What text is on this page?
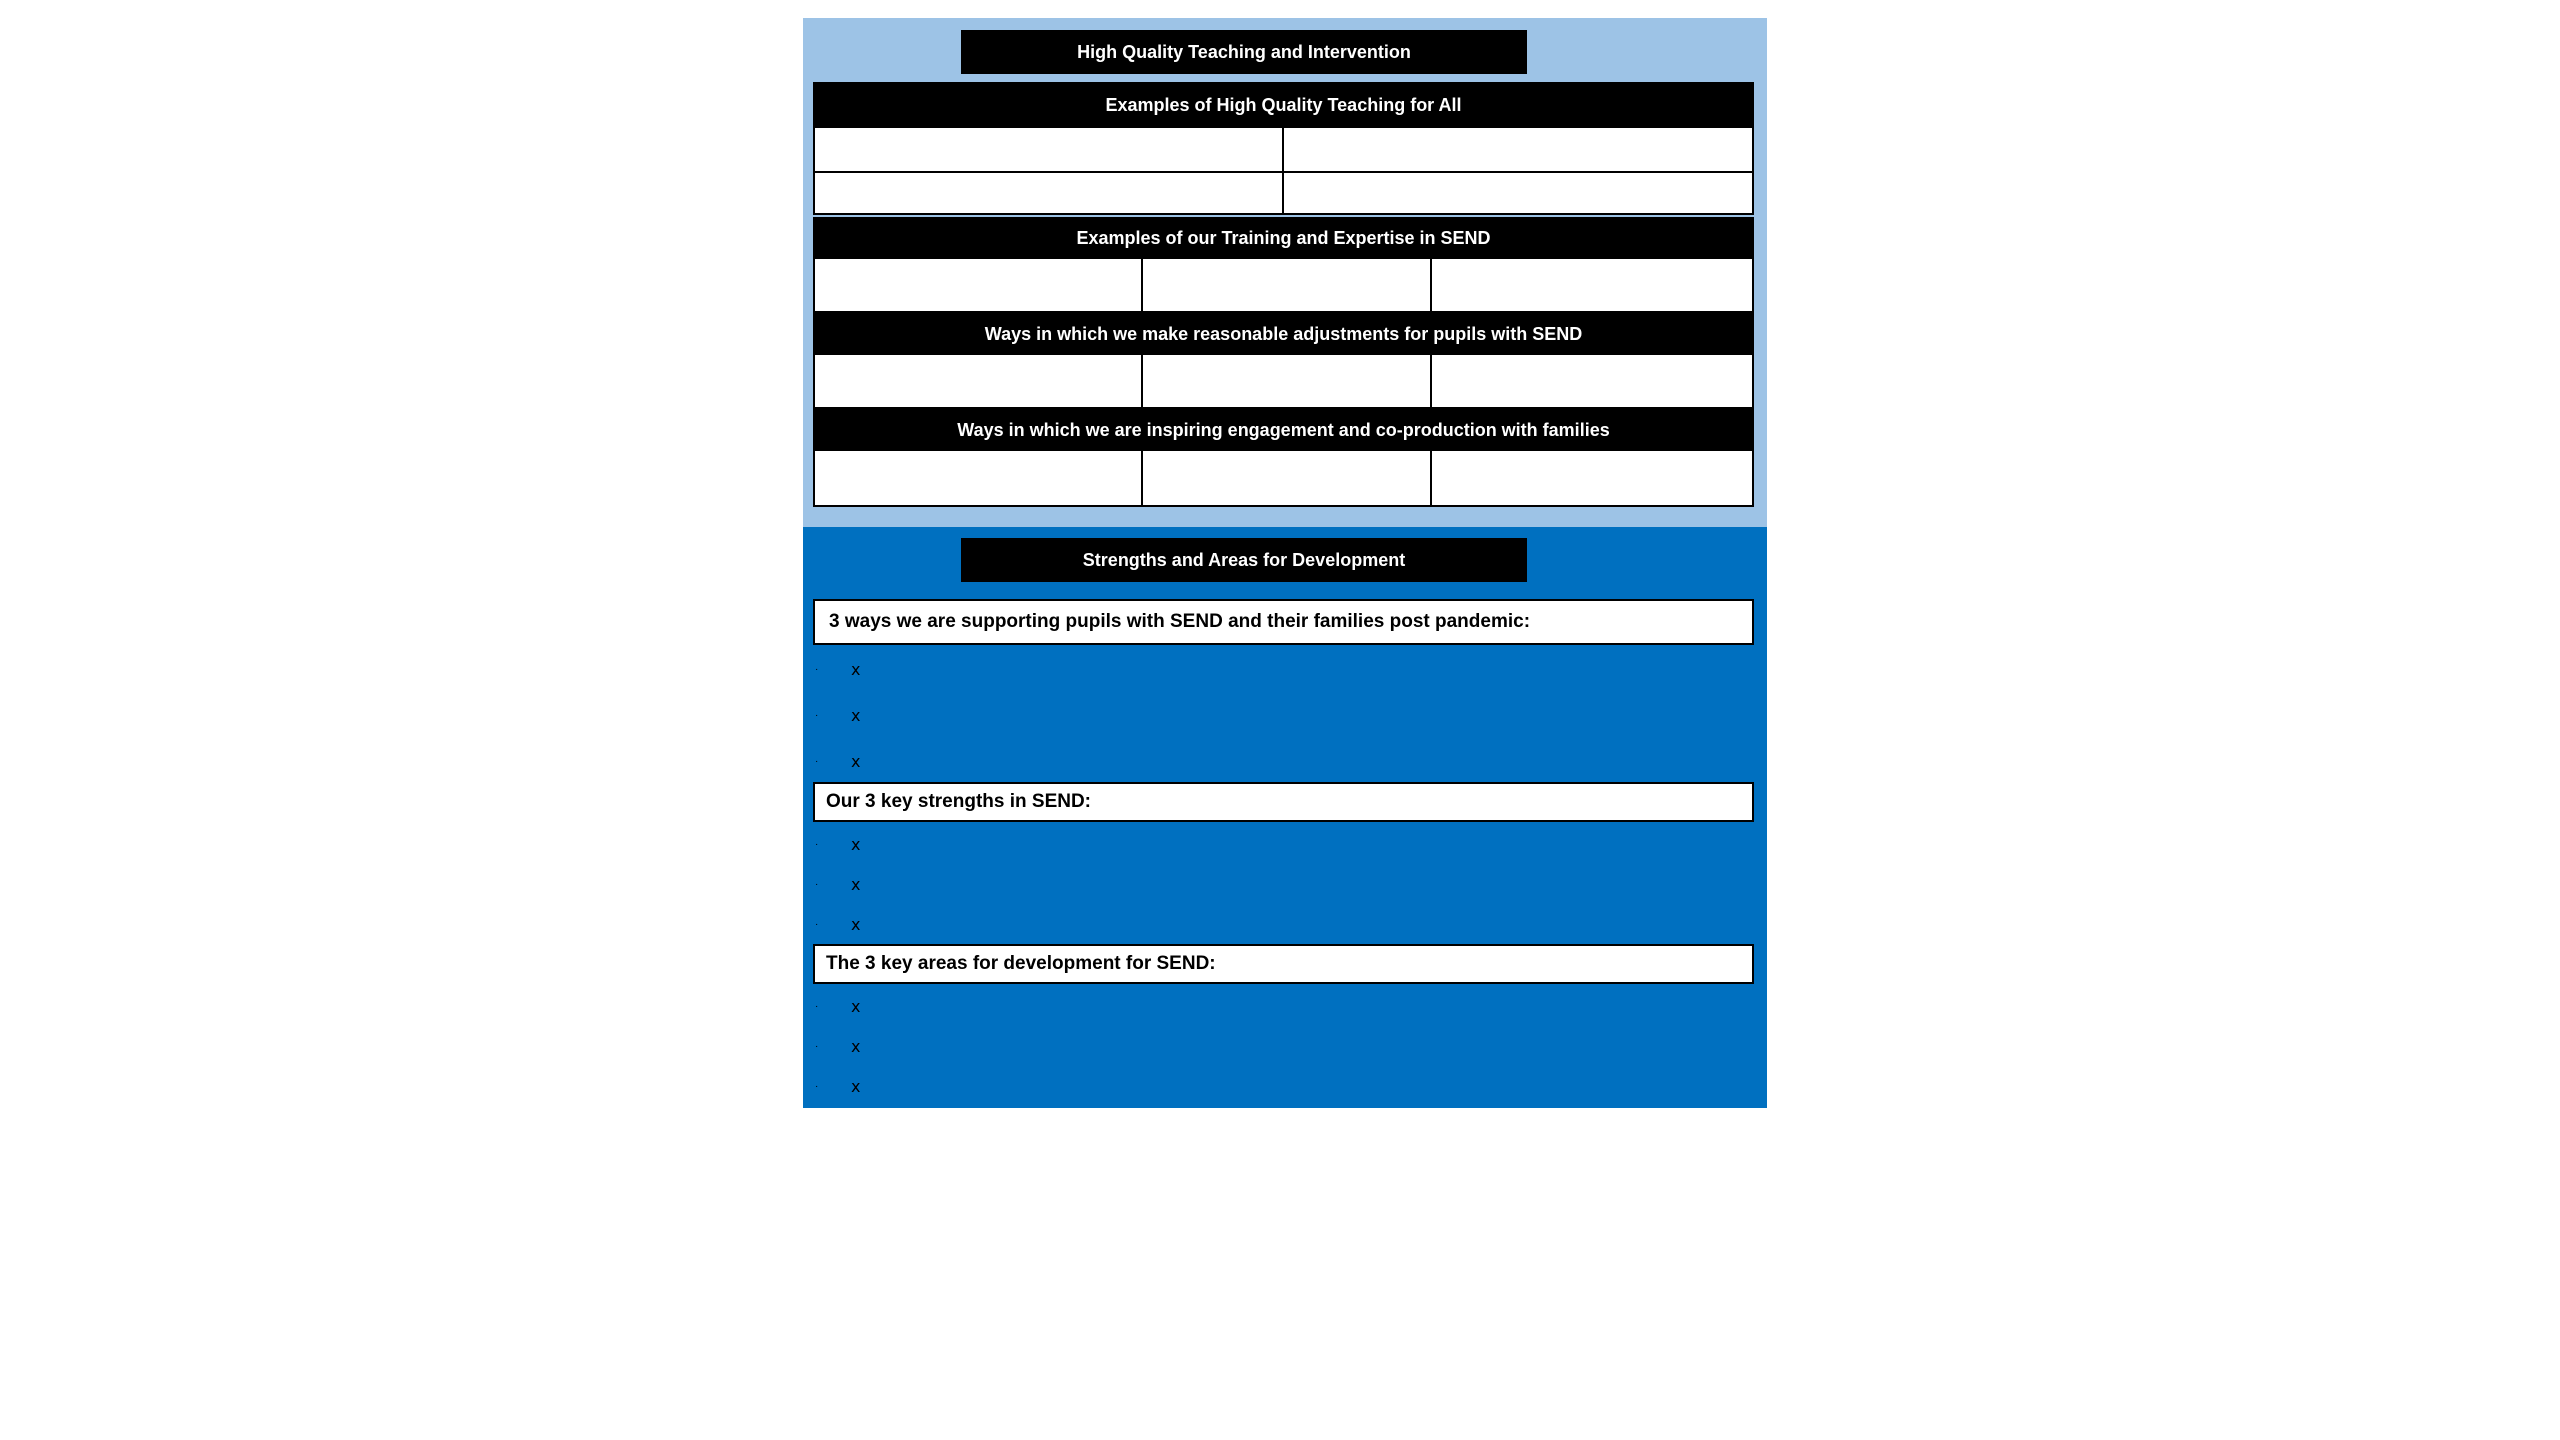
High Quality Teaching and Intervention
Examples of High Quality Teaching for All
Examples of our Training and Expertise in SEND
Ways in which we make reasonable adjustments for pupils with SEND
Ways in which we are inspiring engagement and co-production with families
Strengths and Areas for Development
3 ways we are supporting pupils with SEND and their families post pandemic:
· x
· x
· x
Our 3 key strengths in SEND:
· x
· x
· x
The 3 key areas for development for SEND:
· x
· x
· x
